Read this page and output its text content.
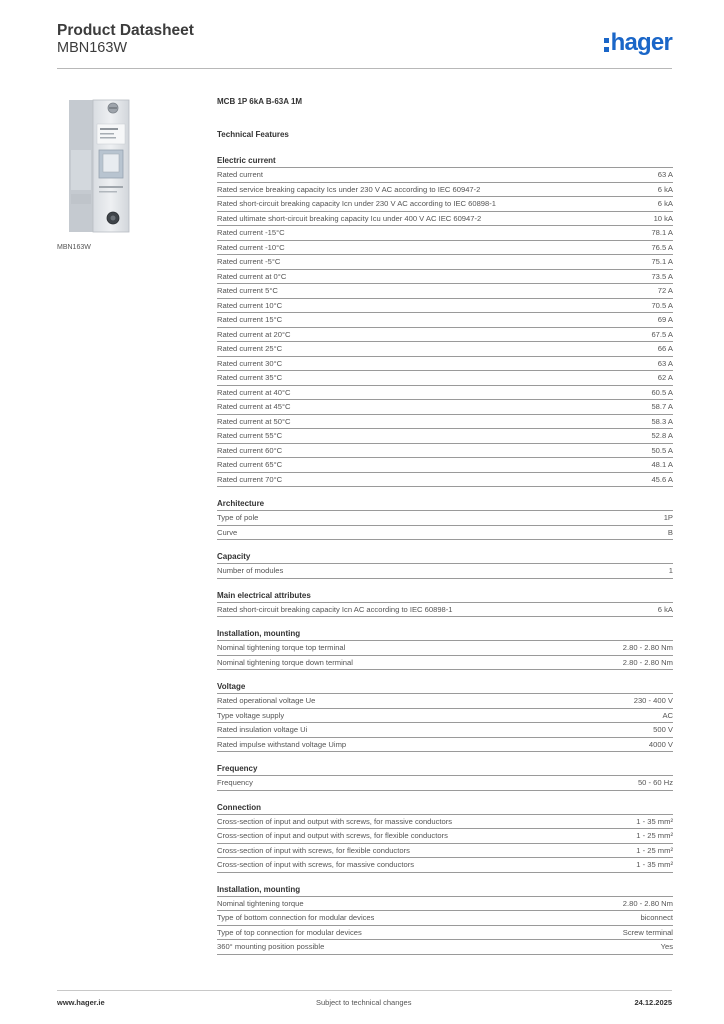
Product Datasheet
MBN163W	hager
MBN163W
MCB 1P 6kA B-63A 1M
Technical Features
Electric current
Rated current	63 A
Rated service breaking capacity Ics under 230 V AC according to IEC 60947-2	6 kA
Rated short-circuit breaking capacity Icn under 230 V AC according to IEC 60898-1	6 kA
Rated ultimate short-circuit breaking capacity Icu under 400 V AC IEC 60947-2	10 kA
Rated current -15°C	78.1 A
Rated current -10°C	76.5 A
Rated current -5°C	75.1 A
Rated current at 0°C	73.5 A
Rated current 5°C	72 A
Rated current 10°C	70.5 A
Rated current 15°C	69 A
Rated current at 20°C	67.5 A
Rated current 25°C	66 A
Rated current 30°C	63 A
Rated current 35°C	62 A
Rated current at 40°C	60.5 A
Rated current at 45°C	58.7 A
Rated current at 50°C	58.3 A
Rated current 55°C	52.8 A
Rated current 60°C	50.5 A
Rated current 65°C	48.1 A
Rated current 70°C	45.6 A
Architecture
Type of pole	1P
Curve	B
Capacity
Number of modules	1
Main electrical attributes
Rated short-circuit breaking capacity Icn AC according to IEC 60898-1	6 kA
Installation, mounting
Nominal tightening torque top terminal	2.80 - 2.80 Nm
Nominal tightening torque down terminal	2.80 - 2.80 Nm
Voltage
Rated operational voltage Ue	230 - 400 V
Type voltage supply	AC
Rated insulation voltage Ui	500 V
Rated impulse withstand voltage Uimp	4000 V
Frequency
Frequency	50 - 60 Hz
Connection
Cross-section of input and output with screws, for massive conductors	1 - 35 mm²
Cross-section of input and output with screws, for flexible conductors	1 - 25 mm²
Cross-section of input with screws, for flexible conductors	1 - 25 mm²
Cross-section of input with screws, for massive conductors	1 - 35 mm²
Installation, mounting
Nominal tightening torque	2.80 - 2.80 Nm
Type of bottom connection for modular devices	biconnect
Type of top connection for modular devices	Screw terminal
360° mounting position possible	Yes
www.hager.ie	Subject to technical changes	24.12.2025
